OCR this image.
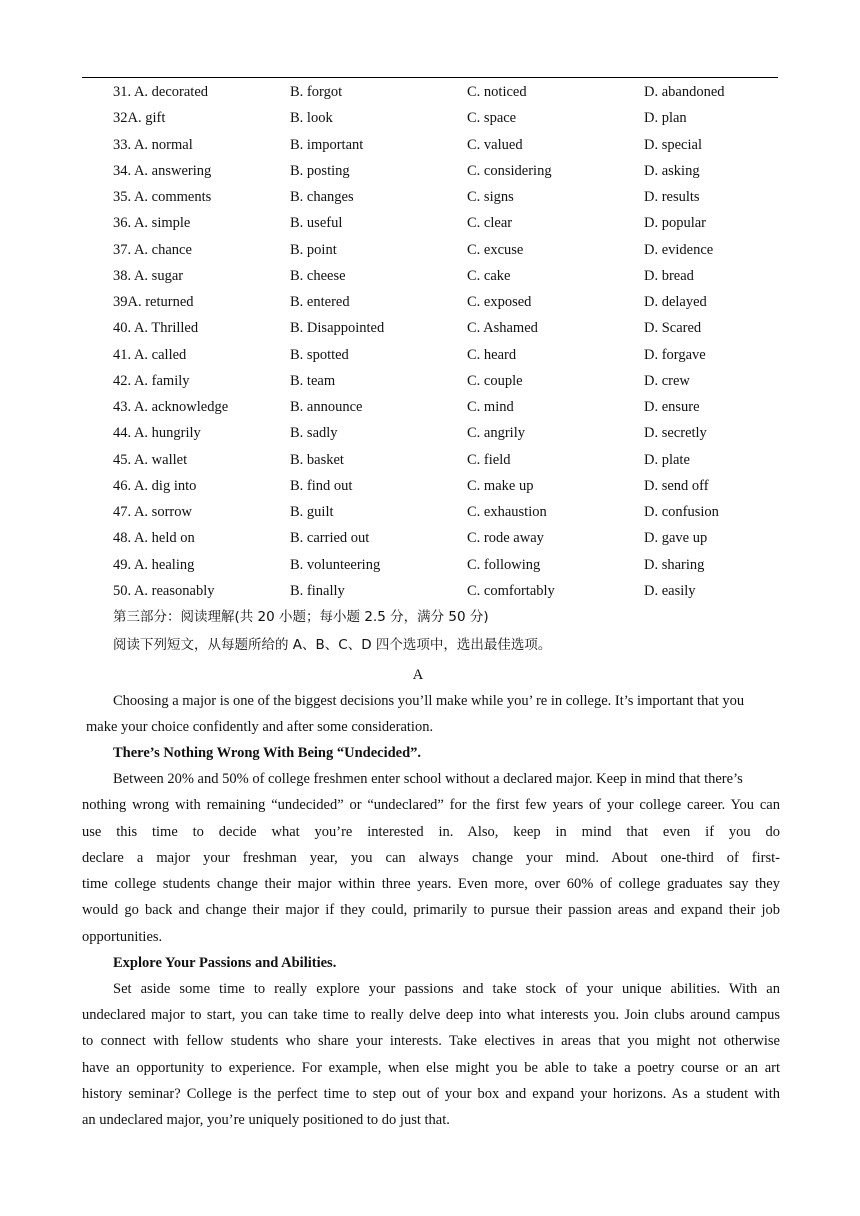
31. A. decorated	B. forgot	C. noticed	D. abandoned
32A. gift	B. look	C. space	D. plan
33. A. normal	B. important	C. valued	D. special
34. A. answering	B. posting	C. considering	D. asking
35. A. comments	B. changes	C. signs	D. results
36. A. simple	B. useful	C. clear	D. popular
37. A. chance	B. point	C. excuse	D. evidence
38. A. sugar	B. cheese	C. cake	D. bread
39A. returned	B. entered	C. exposed	D. delayed
40. A. Thrilled	B. Disappointed	C. Ashamed	D. Scared
41. A. called	B. spotted	C. heard	D. forgave
42. A. family	B. team	C. couple	D. crew
43. A. acknowledge	B. announce	C. mind	D. ensure
44. A. hungrily	B. sadly	C. angrily	D. secretly
45. A. wallet	B. basket	C. field	D. plate
46. A. dig into	B. find out	C. make up	D. send off
47. A. sorrow	B. guilt	C. exhaustion	D. confusion
48. A. held on	B. carried out	C. rode away	D. gave up
49. A. healing	B. volunteering	C. following	D. sharing
50. A. reasonably	B. finally	C. comfortably	D. easily
第三部分：阅读理解(共 20 小题；每小题 2.5 分，满分 50 分)
阅读下列短文，从每题所给的 A、B、C、D 四个选项中，选出最佳选项。
A
Choosing a major is one of the biggest decisions you’ll make while you’ re in college. It’s important that you
make your choice confidently and after some consideration.
There’s Nothing Wrong With Being “Undecided”.
Between 20% and 50% of college freshmen enter school without a declared major. Keep in mind that there’s
nothing wrong with remaining “undecided” or “undeclared” for the first few years of your college career. You can
use this time to decide what you’re interested in. Also, keep in mind that even if you do
declare a major your freshman year, you can always change your mind. About one-third of first-
time college students change their major within three years. Even more, over 60% of college graduates say they
would go back and change their major if they could, primarily to pursue their passion areas and expand their job
opportunities.
Explore Your Passions and Abilities.
Set aside some time to really explore your passions and take stock of your unique abilities. With an
undeclared major to start, you can take time to really delve deep into what interests you. Join clubs around campus
to connect with fellow students who share your interests. Take electives in areas that you might not otherwise
have an opportunity to experience. For example, when else might you be able to take a poetry course or an art
history seminar? College is the perfect time to step out of your box and expand your horizons. As a student with
an undeclared major, you’re uniquely positioned to do just that.
